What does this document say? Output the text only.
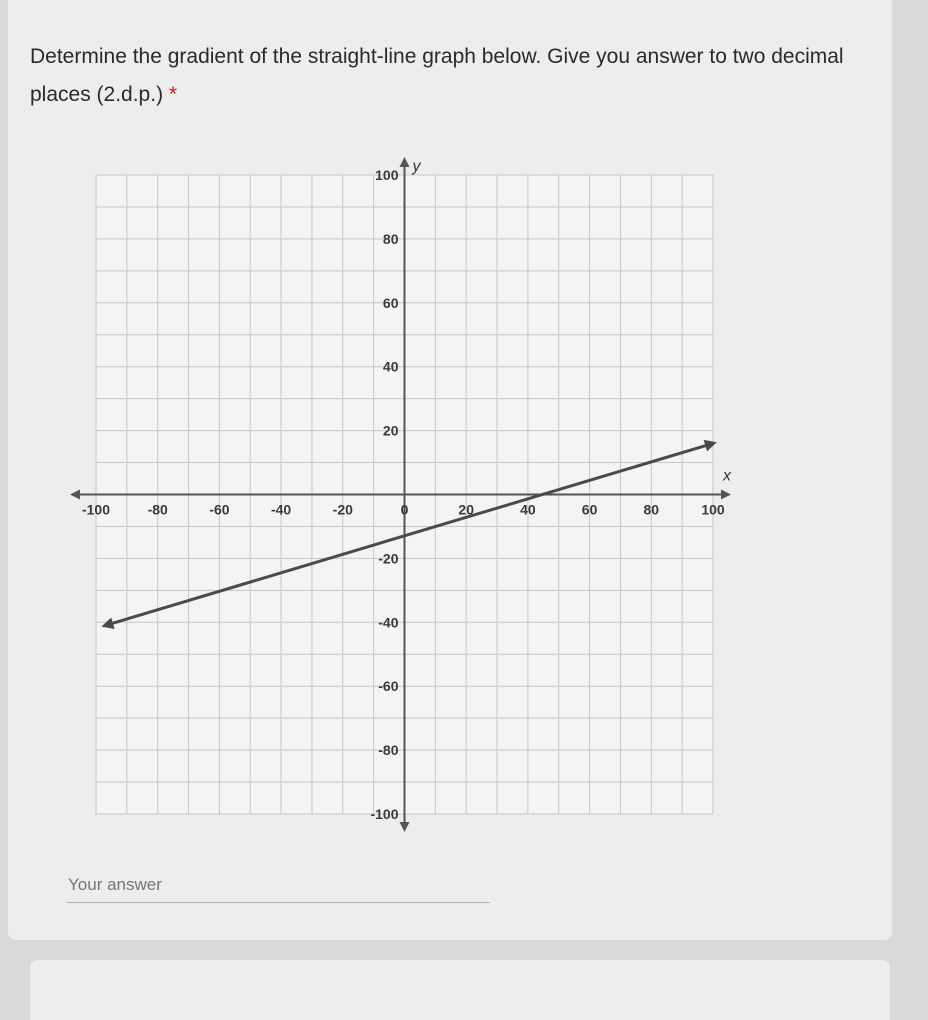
Determine the gradient of the straight-line graph below. Give you answer to two decimal places (2.d.p.) *
x
y
-100	-80	-60	-40	-20	0	20	40	60	80	100
100
80
60
40
20
-20
-40
-60
-80
-100
Your answer
